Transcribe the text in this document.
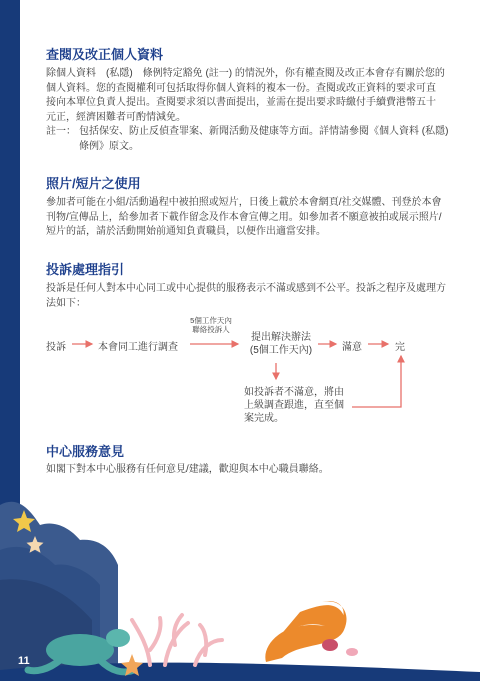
查閱及改正個人資料
除個人資料　(私隱)　條例特定豁免 (註一) 的情況外，你有權查閱及改正本會存有關於您的
個人資料。您的查閱權利可包括取得你個人資料的複本一份。查閱或改正資料的要求可直
接向本單位負責人提出。查閱要求須以書面提出，並需在提出要求時繳付手續費港幣五十
元正，經濟困難者可酌情減免。
註一： 包括保安、防止反偵查罪案、新聞活動及健康等方面。詳情請參閱《個人資料 (私隱)
條例》原文。
照片/短片之使用
參加者可能在小組/活動過程中被拍照或短片，日後上載於本會網頁/社交媒體、刊登於本會
刊物/宣傳品上，給參加者下載作留念及作本會宣傳之用。如參加者不願意被拍或展示照片/
短片的話，請於活動開始前通知負責職員，以便作出適當安排。
投訴處理指引
投訴是任何人對本中心同工或中心提供的服務表示不滿或感到不公平。投訴之程序及處理方
法如下：
投訴	本會同工進行調查
5個工作天內
聯絡投訴人
提出解決辦法
(5個工作天內)	滿意	完
如投訴者不滿意，將由
上級調查跟進，直至個
案完成。
中心服務意見
如閣下對本中心服務有任何意見/建議，歡迎與本中心職員聯絡。
11
